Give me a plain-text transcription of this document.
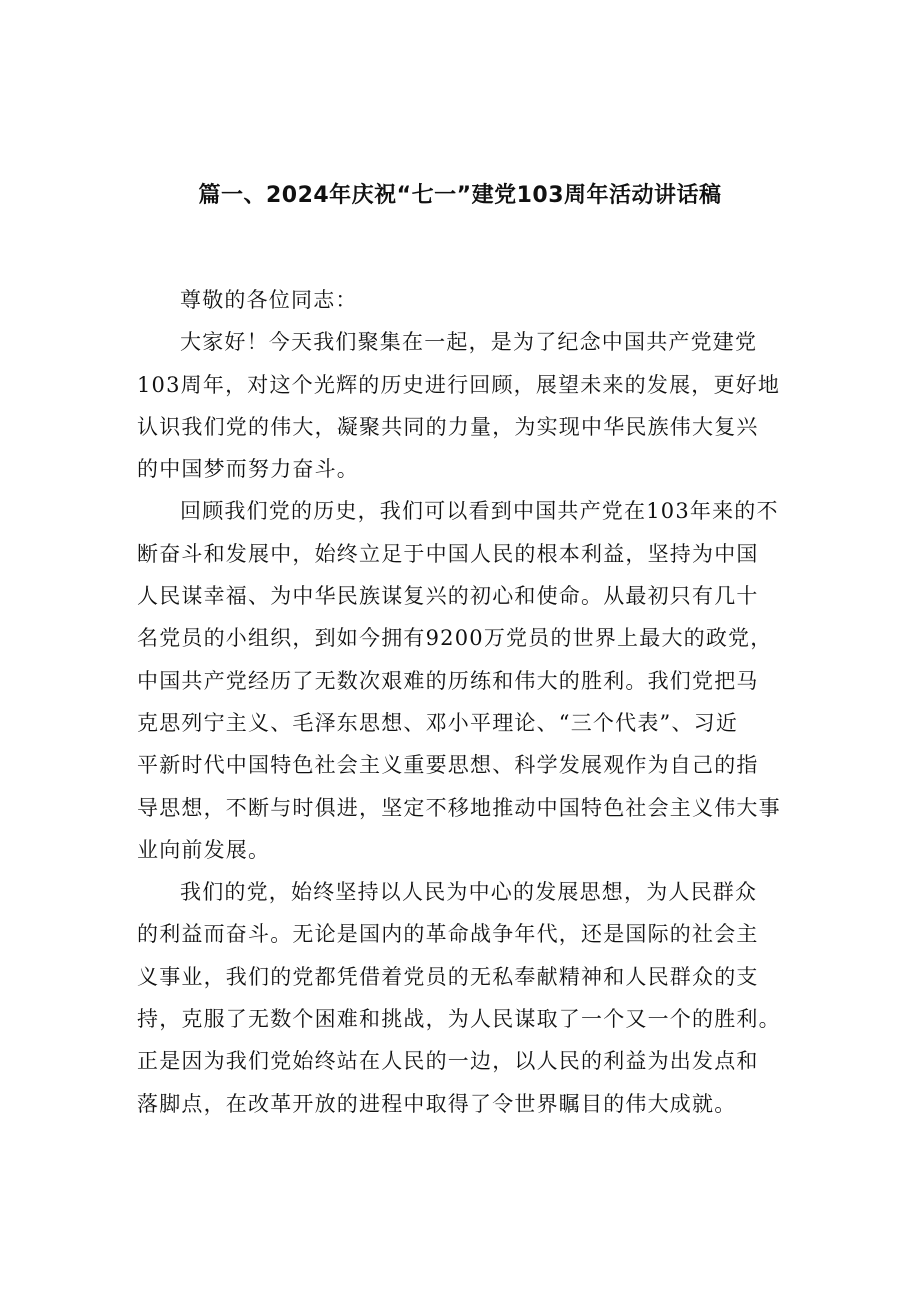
篇一、2024年庆祝“七一”建党103周年活动讲话稿
尊敬的各位同志：
大家好！今天我们聚集在一起，是为了纪念中国共产党建党
103周年，对这个光辉的历史进行回顾，展望未来的发展，更好地
认识我们党的伟大，凝聚共同的力量，为实现中华民族伟大复兴
的中国梦而努力奋斗。
回顾我们党的历史，我们可以看到中国共产党在103年来的不
断奋斗和发展中，始终立足于中国人民的根本利益，坚持为中国
人民谋幸福、为中华民族谋复兴的初心和使命。从最初只有几十
名党员的小组织，到如今拥有9200万党员的世界上最大的政党，
中国共产党经历了无数次艰难的历练和伟大的胜利。我们党把马
克思列宁主义、毛泽东思想、邓小平理论、“三个代表”、习近
平新时代中国特色社会主义重要思想、科学发展观作为自己的指
导思想，不断与时俱进，坚定不移地推动中国特色社会主义伟大事
业向前发展。
我们的党，始终坚持以人民为中心的发展思想，为人民群众
的利益而奋斗。无论是国内的革命战争年代，还是国际的社会主
义事业，我们的党都凭借着党员的无私奉献精神和人民群众的支
持，克服了无数个困难和挑战，为人民谋取了一个又一个的胜利。
正是因为我们党始终站在人民的一边，以人民的利益为出发点和
落脚点，在改革开放的进程中取得了令世界瞩目的伟大成就。
